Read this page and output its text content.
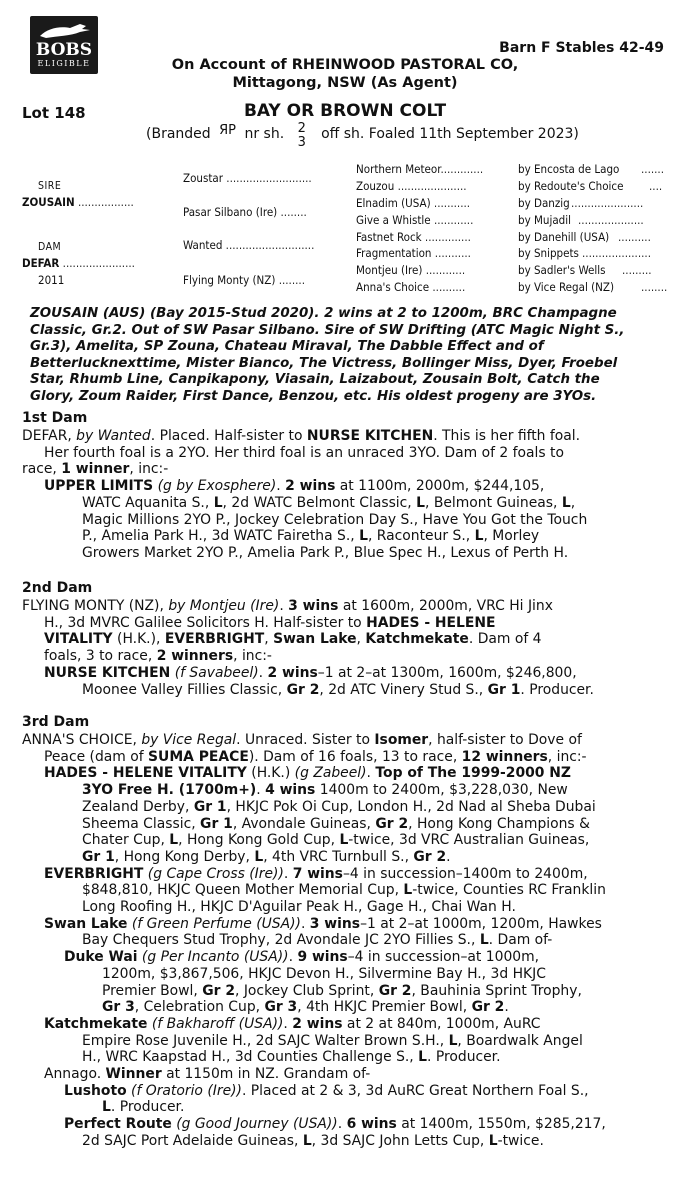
BOBS
ELIGIBLE
Barn F Stables 42-49
On Account of RHEINWOOD PASTORAL CO,
Mittagong, NSW (As Agent)
Lot 148	BAY OR BROWN COLT
(Branded ЯP nr sh. 2
3
off sh. Foaled 11th September 2023)
SIRE
ZOUSAIN .................
DAM
DEFAR ......................
2011
Zoustar ..........................
Pasar Silbano (Ire) ........
Wanted ...........................
Flying Monty (NZ) ........
Northern Meteor.............	by Encosta de Lago .......
Zouzou .....................	by Redoute's Choice ....
Elnadim (USA) ...........	by Danzig ......................
Give a Whistle ............	by Mujadil ....................
Fastnet Rock ..............	by Danehill (USA) ..........
Fragmentation ...........	by Snippets .....................
Montjeu (Ire) ............	by Sadler's Wells .........
Anna's Choice ..........	by Vice Regal (NZ) ........
ZOUSAIN (AUS) (Bay 2015-Stud 2020). 2 wins at 2 to 1200m, BRC Champagne
Classic, Gr.2. Out of SW Pasar Silbano. Sire of SW Drifting (ATC Magic Night S.,
Gr.3), Amelita, SP Zouna, Chateau Miraval, The Dabble Effect and of
Betterlucknexttime, Mister Bianco, The Victress, Bollinger Miss, Dyer, Froebel
Star, Rhumb Line, Canpikapony, Viasain, Laizabout, Zousain Bolt, Catch the
Glory, Zoum Raider, First Dance, Benzou, etc. His oldest progeny are 3YOs.
1st Dam
DEFAR, by Wanted. Placed. Half-sister to NURSE KITCHEN. This is her fifth foal.
Her fourth foal is a 2YO. Her third foal is an unraced 3YO. Dam of 2 foals to
race, 1 winner, inc:-
UPPER LIMITS (g by Exosphere). 2 wins at 1100m, 2000m, $244,105,
WATC Aquanita S., L, 2d WATC Belmont Classic, L, Belmont Guineas, L,
Magic Millions 2YO P., Jockey Celebration Day S., Have You Got the Touch
P., Amelia Park H., 3d WATC Fairetha S., L, Raconteur S., L, Morley
Growers Market 2YO P., Amelia Park P., Blue Spec H., Lexus of Perth H.
2nd Dam
FLYING MONTY (NZ), by Montjeu (Ire). 3 wins at 1600m, 2000m, VRC Hi Jinx
H., 3d MVRC Galilee Solicitors H. Half-sister to HADES - HELENE
VITALITY (H.K.), EVERBRIGHT, Swan Lake, Katchmekate. Dam of 4
foals, 3 to race, 2 winners, inc:-
NURSE KITCHEN (f Savabeel). 2 wins–1 at 2–at 1300m, 1600m, $246,800,
Moonee Valley Fillies Classic, Gr 2, 2d ATC Vinery Stud S., Gr 1. Producer.
3rd Dam
ANNA'S CHOICE, by Vice Regal. Unraced. Sister to Isomer, half-sister to Dove of
Peace (dam of SUMA PEACE). Dam of 16 foals, 13 to race, 12 winners, inc:-
HADES - HELENE VITALITY (H.K.) (g Zabeel). Top of The 1999-2000 NZ
3YO Free H. (1700m+). 4 wins 1400m to 2400m, $3,228,030, New
Zealand Derby, Gr 1, HKJC Pok Oi Cup, London H., 2d Nad al Sheba Dubai
Sheema Classic, Gr 1, Avondale Guineas, Gr 2, Hong Kong Champions &
Chater Cup, L, Hong Kong Gold Cup, L-twice, 3d VRC Australian Guineas,
Gr 1, Hong Kong Derby, L, 4th VRC Turnbull S., Gr 2.
EVERBRIGHT (g Cape Cross (Ire)). 7 wins–4 in succession–1400m to 2400m,
$848,810, HKJC Queen Mother Memorial Cup, L-twice, Counties RC Franklin
Long Roofing H., HKJC D'Aguilar Peak H., Gage H., Chai Wan H.
Swan Lake (f Green Perfume (USA)). 3 wins–1 at 2–at 1000m, 1200m, Hawkes
Bay Chequers Stud Trophy, 2d Avondale JC 2YO Fillies S., L. Dam of-
Duke Wai (g Per Incanto (USA)). 9 wins–4 in succession–at 1000m,
1200m, $3,867,506, HKJC Devon H., Silvermine Bay H., 3d HKJC
Premier Bowl, Gr 2, Jockey Club Sprint, Gr 2, Bauhinia Sprint Trophy,
Gr 3, Celebration Cup, Gr 3, 4th HKJC Premier Bowl, Gr 2.
Katchmekate (f Bakharoff (USA)). 2 wins at 2 at 840m, 1000m, AuRC
Empire Rose Juvenile H., 2d SAJC Walter Brown S.H., L, Boardwalk Angel
H., WRC Kaapstad H., 3d Counties Challenge S., L. Producer.
Annago. Winner at 1150m in NZ. Grandam of-
Lushoto (f Oratorio (Ire)). Placed at 2 & 3, 3d AuRC Great Northern Foal S.,
L. Producer.
Perfect Route (g Good Journey (USA)). 6 wins at 1400m, 1550m, $285,217,
2d SAJC Port Adelaide Guineas, L, 3d SAJC John Letts Cup, L-twice.
